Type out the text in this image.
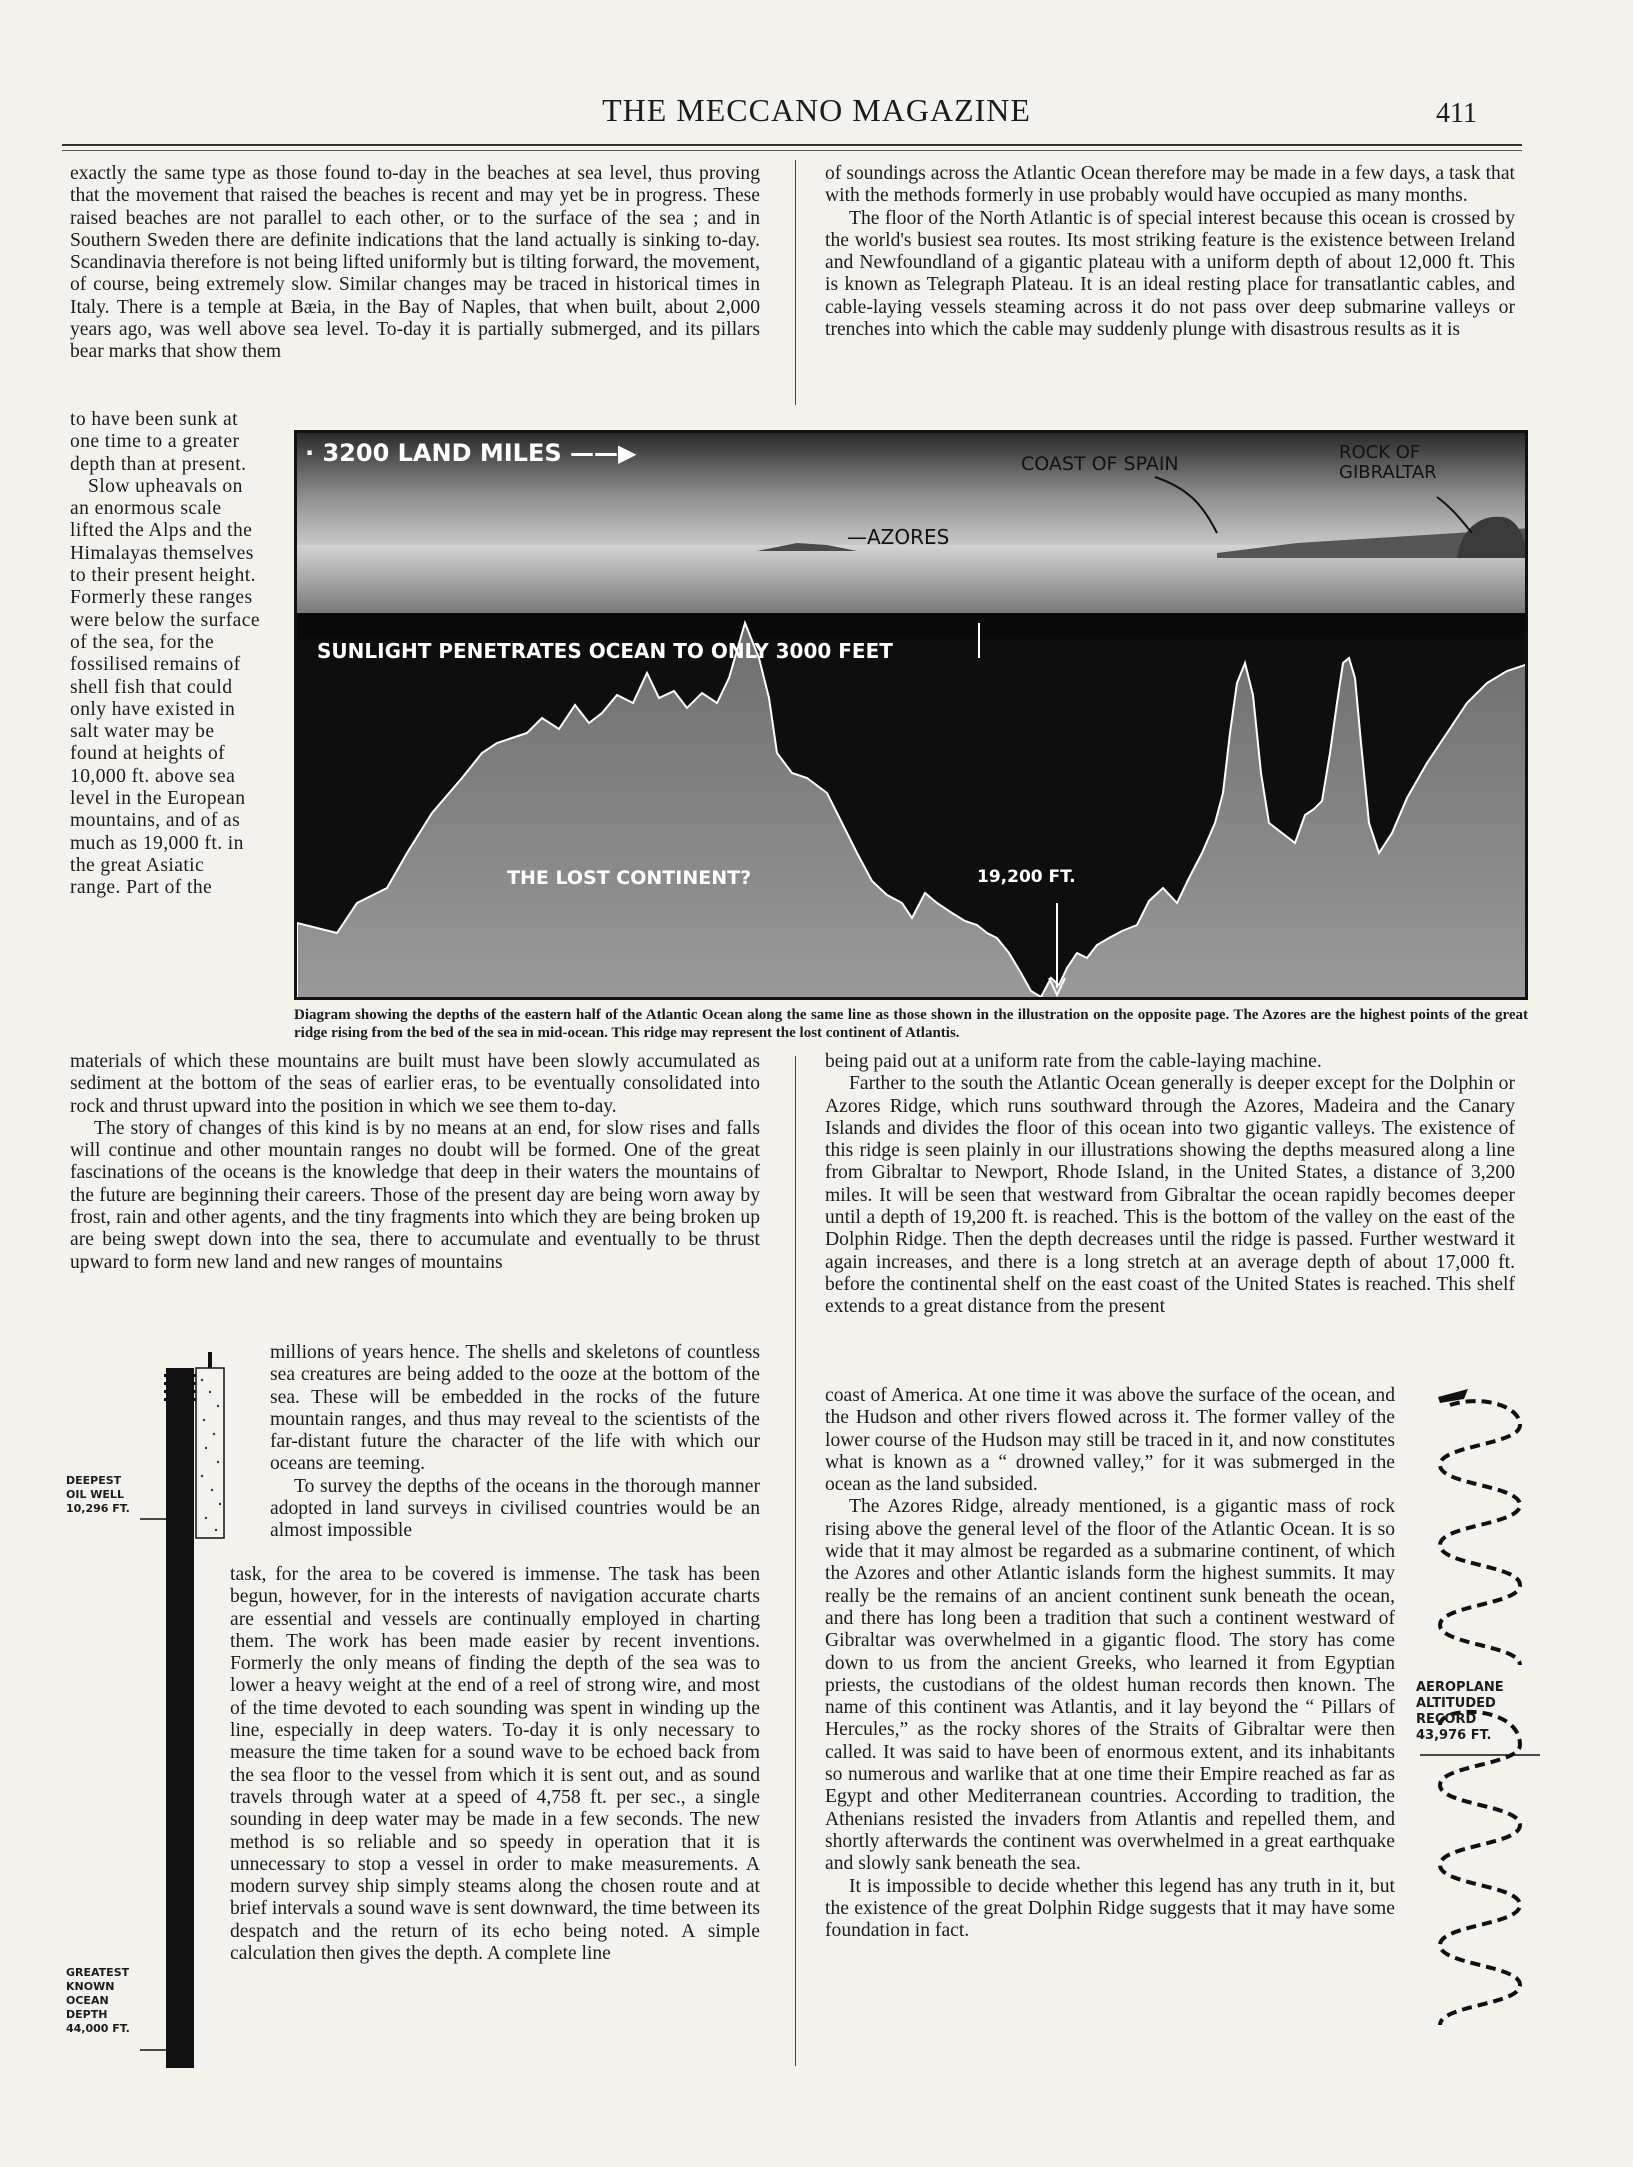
THE MECCANO MAGAZINE	411

exactly the same type as those found to-day in the beaches at sea level, thus proving that the movement that raised the beaches is recent and may yet be in progress. These raised beaches are not parallel to each other, or to the surface of the sea ; and in Southern Sweden there are definite indications that the land actually is sinking to-day. Scandinavia therefore is not being lifted uniformly but is tilting forward, the movement, of course, being extremely slow. Similar changes may be traced in historical times in Italy. There is a temple at Bæia, in the Bay of Naples, that when built, about 2,000 years ago, was well above sea level. To-day it is partially submerged, and its pillars bear marks that show them

to have been sunk at one time to a greater depth than at present.

Slow upheavals on an enormous scale lifted the Alps and the Himalayas themselves to their present height. Formerly these ranges were below the surface of the sea, for the fossilised remains of shell fish that could only have existed in salt water may be found at heights of 10,000 ft. above sea level in the European mountains, and of as much as 19,000 ft. in the great Asiatic range. Part of the

· 3200 LAND MILES ——▶	COAST OF SPAIN
ROCK OF
GIBRALTAR
—AZORES
SUNLIGHT PENETRATES OCEAN TO ONLY 3000 FEET
THE LOST CONTINENT?	19,200 FT.
Diagram showing the depths of the eastern half of the Atlantic Ocean along the same line as those shown in the illustration on the opposite page. The Azores are the highest points of the great ridge rising from the bed of the sea in mid-ocean. This ridge may represent the lost continent of Atlantis.

of soundings across the Atlantic Ocean therefore may be made in a few days, a task that with the methods formerly in use probably would have occupied as many months.

The floor of the North Atlantic is of special interest because this ocean is crossed by the world's busiest sea routes. Its most striking feature is the existence between Ireland and Newfoundland of a gigantic plateau with a uniform depth of about 12,000 ft. This is known as Telegraph Plateau. It is an ideal resting place for transatlantic cables, and cable-laying vessels steaming across it do not pass over deep submarine valleys or trenches into which the cable may suddenly plunge with disastrous results as it is

materials of which these mountains are built must have been slowly accumulated as sediment at the bottom of the seas of earlier eras, to be eventually consolidated into rock and thrust upward into the position in which we see them to-day.

The story of changes of this kind is by no means at an end, for slow rises and falls will continue and other mountain ranges no doubt will be formed. One of the great fascinations of the oceans is the knowledge that deep in their waters the mountains of the future are beginning their careers. Those of the present day are being worn away by frost, rain and other agents, and the tiny fragments into which they are being broken up are being swept down into the sea, there to accumulate and eventually to be thrust upward to form new land and new ranges of mountains

millions of years hence. The shells and skeletons of countless sea creatures are being added to the ooze at the bottom of the sea. These will be embedded in the rocks of the future mountain ranges, and thus may reveal to the scientists of the far-distant future the character of the life with which our oceans are teeming.

To survey the depths of the oceans in the thorough manner adopted in land surveys in civilised countries would be an almost impossible

task, for the area to be covered is immense. The task has been begun, however, for in the interests of navigation accurate charts are essential and vessels are continually employed in charting them. The work has been made easier by recent inventions. Formerly the only means of finding the depth of the sea was to lower a heavy weight at the end of a reel of strong wire, and most of the time devoted to each sounding was spent in winding up the line, especially in deep waters. To-day it is only necessary to measure the time taken for a sound wave to be echoed back from the sea floor to the vessel from which it is sent out, and as sound travels through water at a speed of 4,758 ft. per sec., a single sounding in deep water may be made in a few seconds. The new method is so reliable and so speedy in operation that it is unnecessary to stop a vessel in order to make measurements. A modern survey ship simply steams along the chosen route and at brief intervals a sound wave is sent downward, the time between its despatch and the return of its echo being noted. A simple calculation then gives the depth. A complete line

DEEPEST
OIL WELL
10,296 FT.
GREATEST
KNOWN
OCEAN
DEPTH
44,000 FT.

being paid out at a uniform rate from the cable-laying machine.

Farther to the south the Atlantic Ocean generally is deeper except for the Dolphin or Azores Ridge, which runs southward through the Azores, Madeira and the Canary Islands and divides the floor of this ocean into two gigantic valleys. The existence of this ridge is seen plainly in our illustrations showing the depths measured along a line from Gibraltar to Newport, Rhode Island, in the United States, a distance of 3,200 miles. It will be seen that westward from Gibraltar the ocean rapidly becomes deeper until a depth of 19,200 ft. is reached. This is the bottom of the valley on the east of the Dolphin Ridge. Then the depth decreases until the ridge is passed. Further westward it again increases, and there is a long stretch at an average depth of about 17,000 ft. before the continental shelf on the east coast of the United States is reached. This shelf extends to a great distance from the present

coast of America. At one time it was above the surface of the ocean, and the Hudson and other rivers flowed across it. The former valley of the lower course of the Hudson may still be traced in it, and now constitutes what is known as a “ drowned valley,” for it was submerged in the ocean as the land subsided.

The Azores Ridge, already mentioned, is a gigantic mass of rock rising above the general level of the floor of the Atlantic Ocean. It is so wide that it may almost be regarded as a submarine continent, of which the Azores and other Atlantic islands form the highest summits. It may really be the remains of an ancient continent sunk beneath the ocean, and there has long been a tradition that such a continent westward of Gibraltar was overwhelmed in a gigantic flood. The story has come down to us from the ancient Greeks, who learned it from Egyptian priests, the custodians of the oldest human records then known. The name of this continent was Atlantis, and it lay beyond the “ Pillars of Hercules,” as the rocky shores of the Straits of Gibraltar were then called. It was said to have been of enormous extent, and its inhabitants so numerous and warlike that at one time their Empire reached as far as Egypt and other Mediterranean countries. According to tradition, the Athenians resisted the invaders from Atlantis and repelled them, and shortly afterwards the continent was overwhelmed in a great earthquake and slowly sank beneath the sea.

It is impossible to decide whether this legend has any truth in it, but the existence of the great Dolphin Ridge suggests that it may have some foundation in fact.

AEROPLANE
ALTITUDED
RECORD
43,976 FT.
